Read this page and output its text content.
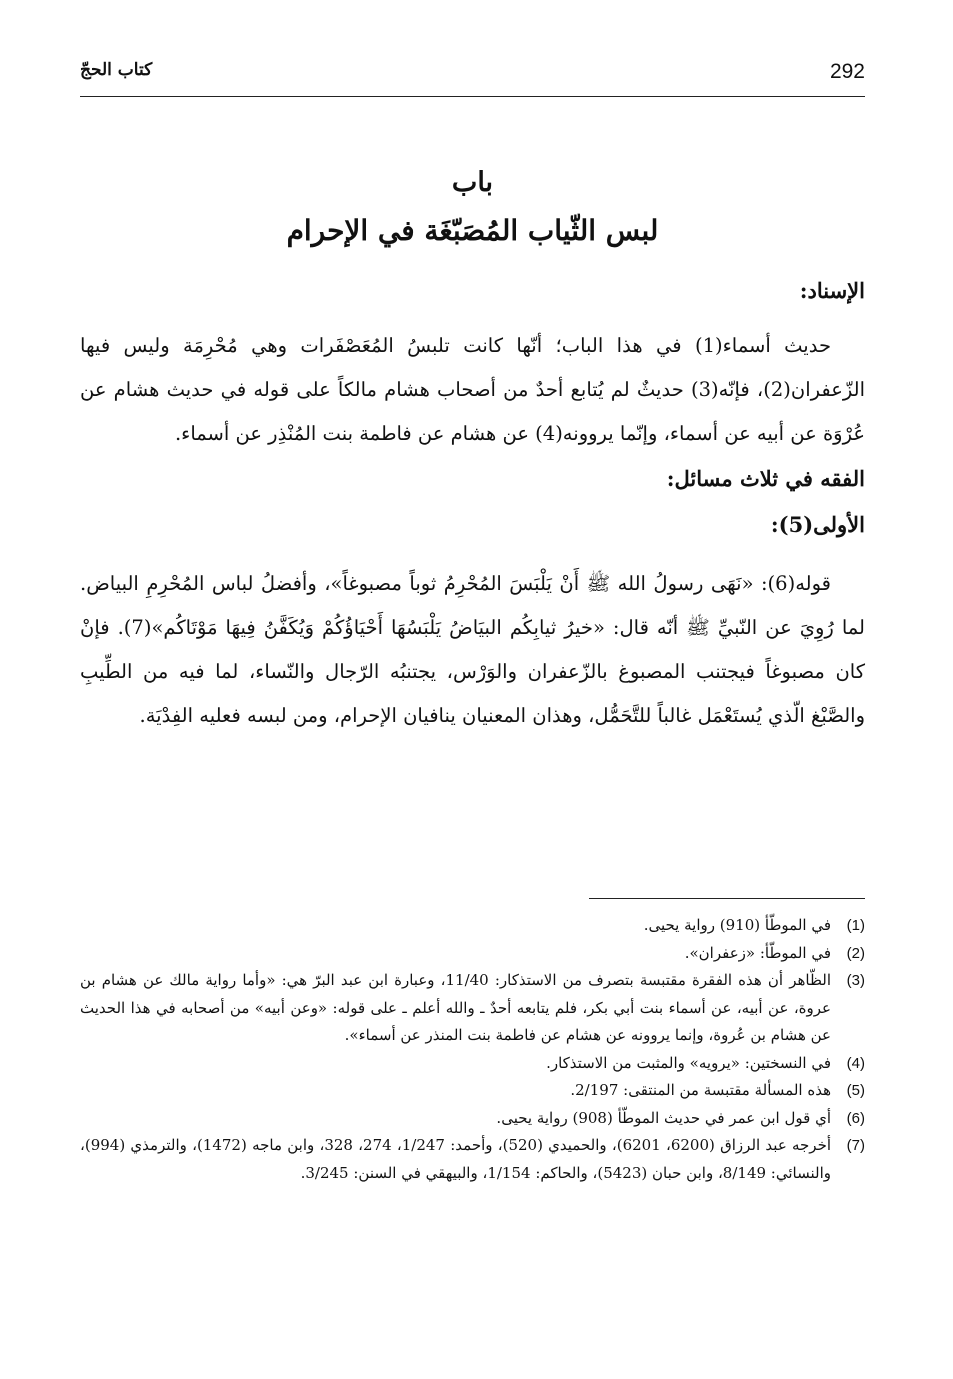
292
كتاب الحجّ
باب
لبس الثّياب المُصَبّغَة في الإحرام
الإسناد:

حديث أسماء(1) في هذا الباب؛ أنّها كانت تلبسُ المُعَصْفَرات وهي مُحْرِمَة وليس فيها الزّعفران(2)، فإنّه(3) حديثٌ لم يُتابع أحدٌ من أصحاب هشام مالكاً على قوله في حديث هشام عن عُرْوَة عن أبيه عن أسماء، وإنّما يروونه(4) عن هشام عن فاطمة بنت المُنْذِر عن أسماء.

الفقه في ثلاث مسائل:
الأولى(5):

قوله(6): «نَهَى رسولُ الله ﷺ أَنْ يَلْبَسَ المُحْرِمُ ثوباً مصبوغاً»، وأفضلُ لباس المُحْرِمِ البياض. لما رُوِيَ عن النّبيِّ ﷺ أنّه قال: «خيرُ ثيابِكُم البيَاضُ يَلْبَسُهَا أَحْيَاؤُكُمْ وَيُكَفَّنُ فِيهَا مَوْتَاكُم»(7). فإنْ كان مصبوغاً فيجتنب المصبوغ بالزّعفران والوَرْس، يجتنبُه الرّجال والنّساء، لما فيه من الطِّيبِ والصَّبْغ الّذي يُستَعْمَل غالباً للتَّحَمُّل، وهذان المعنيان ينافيان الإحرام، ومن لبسه فعليه الفِدْيَة.

(1)
في الموطّأ (910) رواية يحيى.
(2)
في الموطّأ: «زعفران».
(3)
الظّاهر أن هذه الفقرة مقتبسة بتصرف من الاستذكار: 11/40، وعبارة ابن عبد البرّ هي: «وأما رواية مالك عن هشام بن عروة، عن أبيه، عن أسماء بنت أبي بكر، فلم يتابعه أحدٌ ـ والله أعلم ـ على قوله: «وعن أبيه» من أصحابه في هذا الحديث عن هشام بن عُروة، وإنما يروونه عن هشام عن فاطمة بنت المنذر عن أسماء».
(4)
في النسختين: «يرويه» والمثبت من الاستذكار.
(5)
هذه المسألة مقتبسة من المنتقى: 2/197.
(6)
أي قول ابن عمر في حديث الموطّأ (908) رواية يحيى.
(7)
أخرجه عبد الرزاق (6200، 6201)، والحميدي (520)، وأحمد: 1/247، 274، 328، وابن ماجه (1472)، والترمذي (994)، والنسائي: 8/149، وابن حبان (5423)، والحاكم: 1/154، والبيهقي في السنن: 3/245.
